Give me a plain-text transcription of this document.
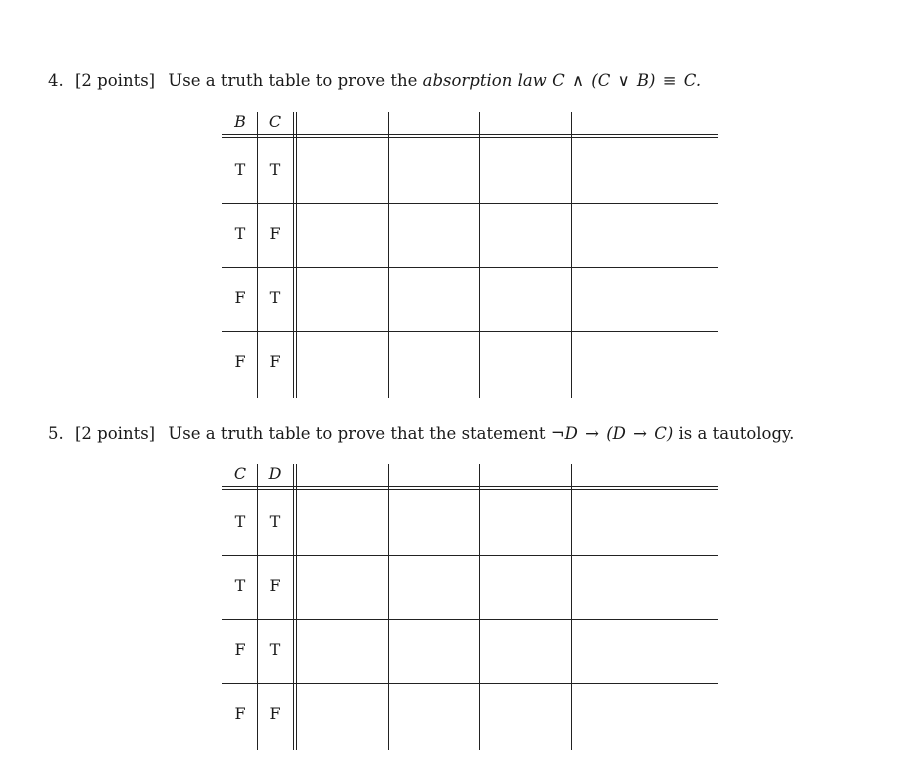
4. [2 points] Use a truth table to prove the absorption law C ∧ (C ∨ B) ≡ C.
B	C
T	T
T	F
F	T
F	F
5. [2 points] Use a truth table to prove that the statement ¬D → (D → C) is a tautology.
C	D
T	T
T	F
F	T
F	F
